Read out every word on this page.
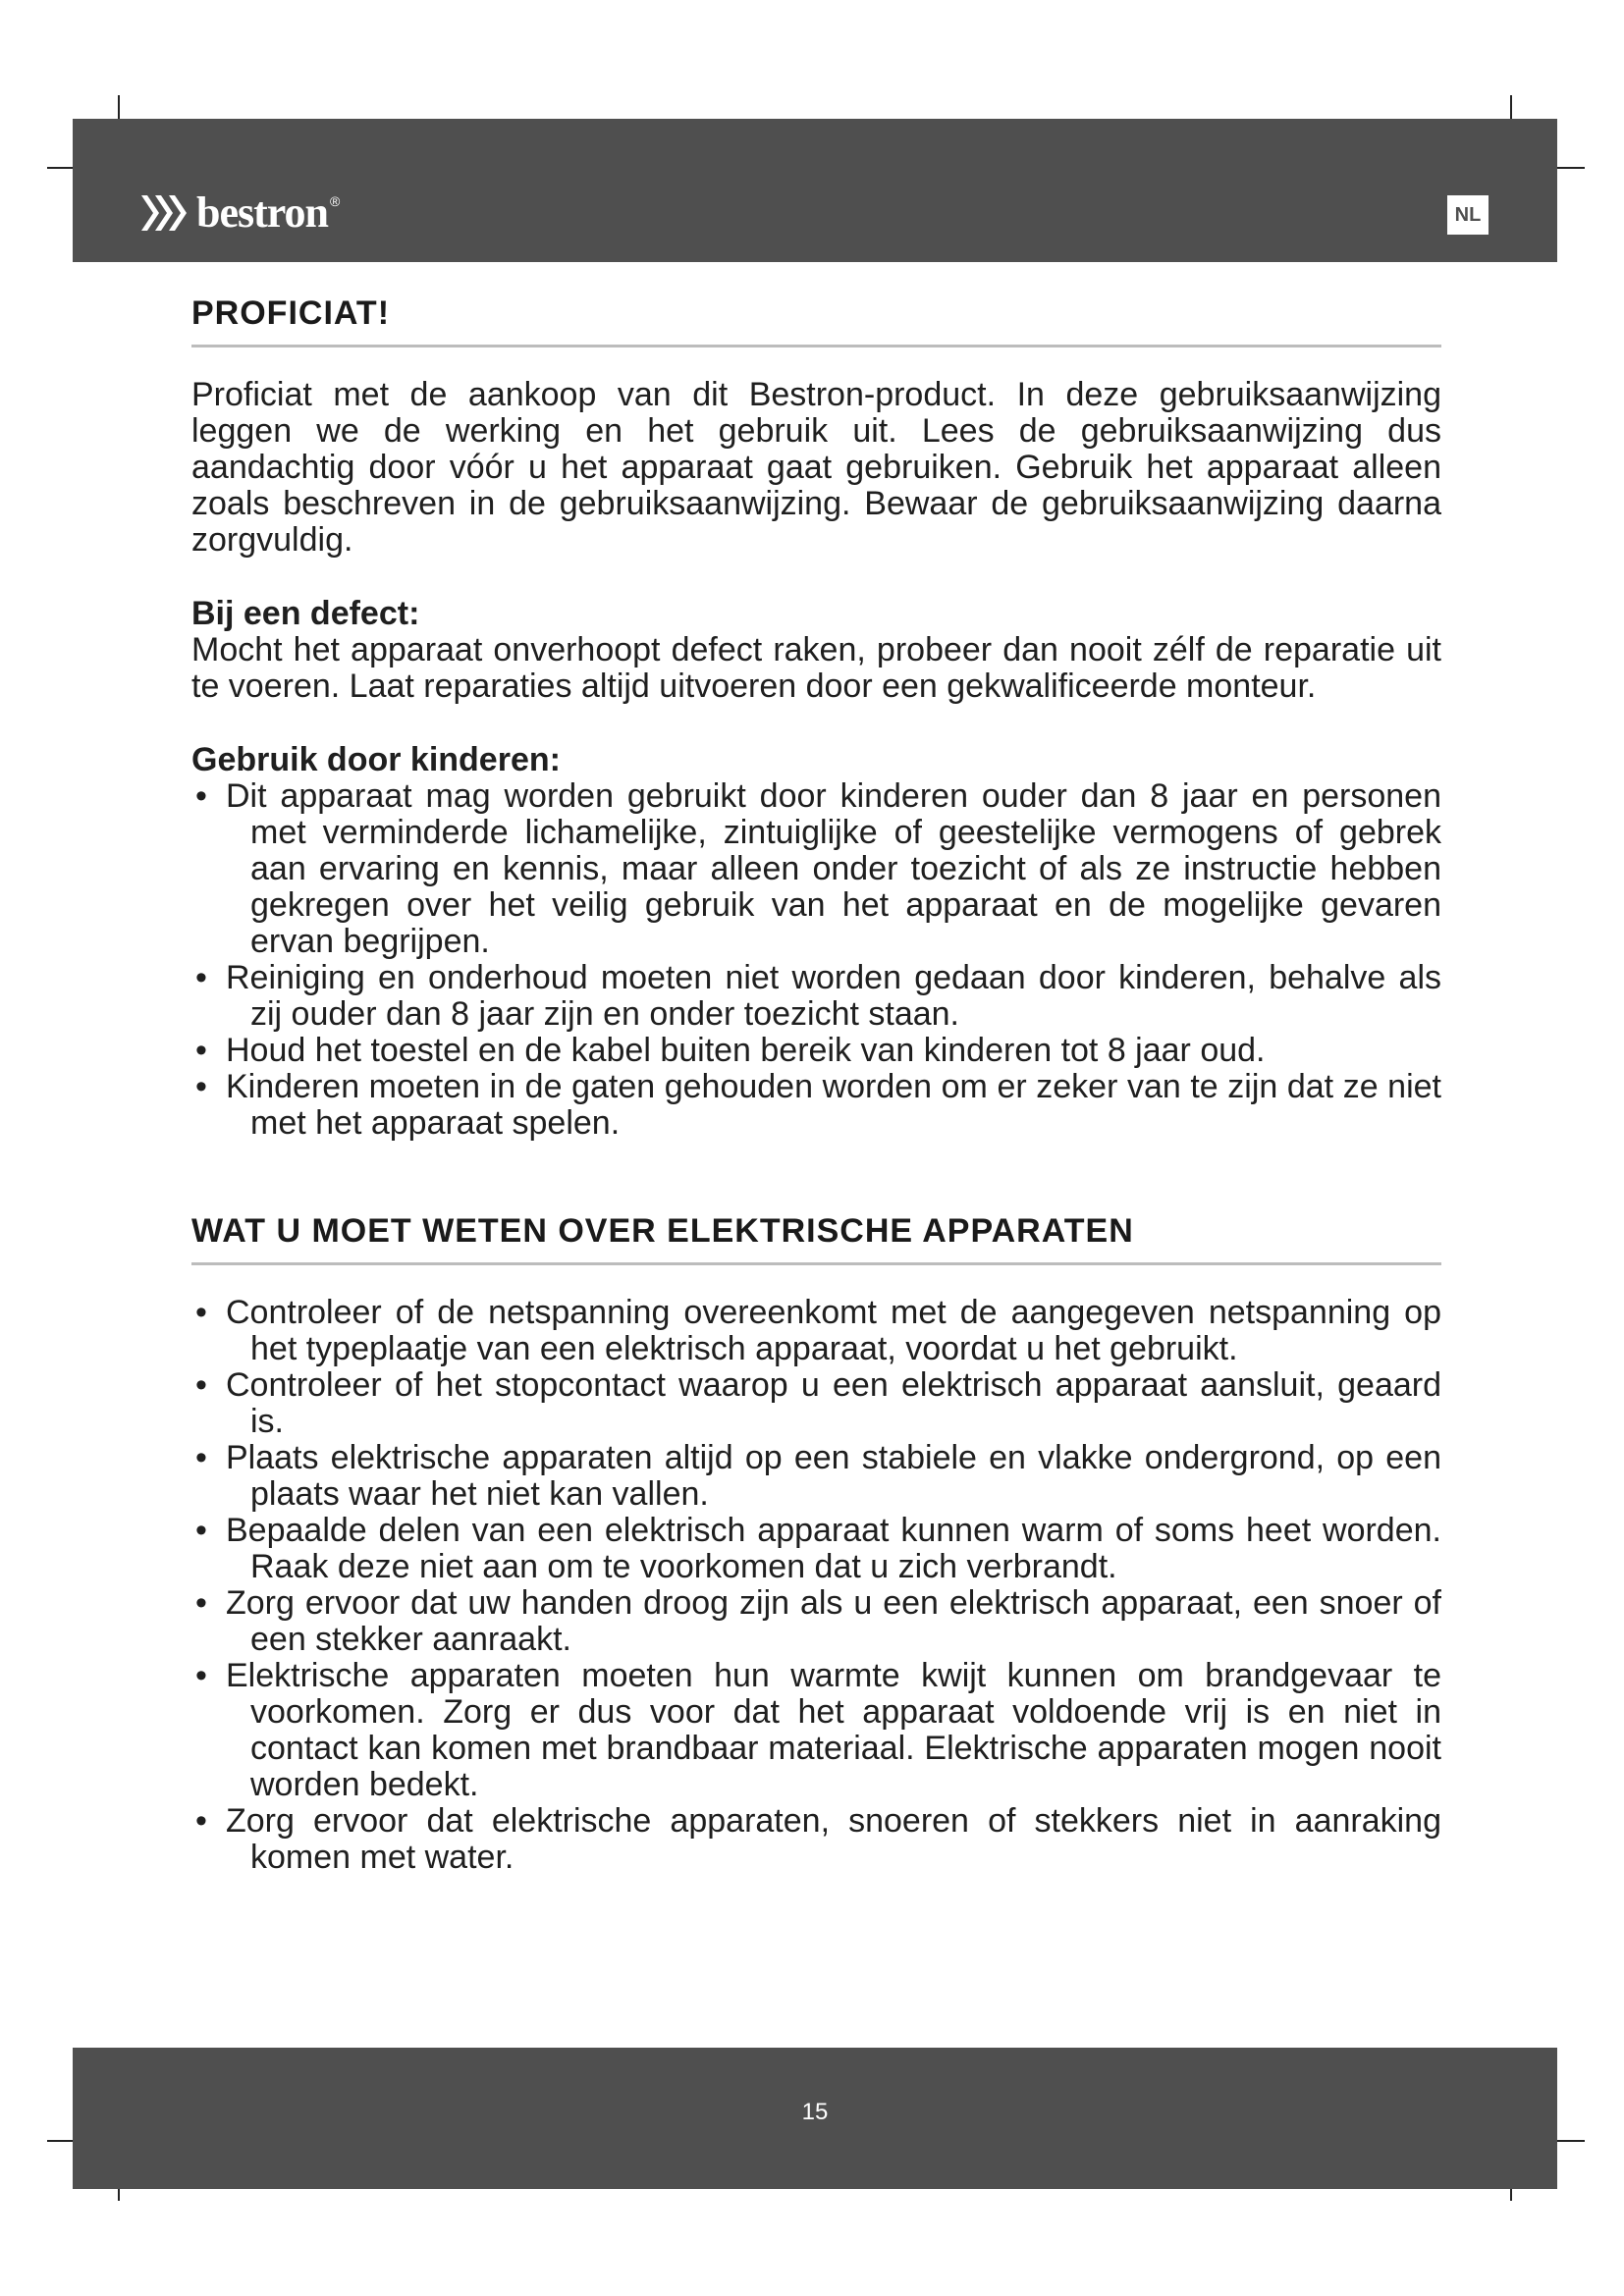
bestron ®
NL
PROFICIAT!

Proficiat met de aankoop van dit Bestron-product. In deze gebruiksaanwijzing leggen we de werking en het gebruik uit. Lees de gebruiksaanwijzing dus aandachtig door vóór u het apparaat gaat gebruiken. Gebruik het apparaat alleen zoals beschreven in de gebruiksaanwijzing. Bewaar de gebruiksaanwijzing daarna zorgvuldig.

Bij een defect:

Mocht het apparaat onverhoopt defect raken, probeer dan nooit zélf de reparatie uit te voeren. Laat reparaties altijd uitvoeren door een gekwalificeerde monteur.

Gebruik door kinderen:
• Dit apparaat mag worden gebruikt door kinderen ouder dan 8 jaar en personen met verminderde lichamelijke, zintuiglijke of geestelijke vermogens of gebrek aan ervaring en kennis, maar alleen onder toezicht of als ze instructie hebben gekregen over het veilig gebruik van het apparaat en de mogelijke gevaren ervan begrijpen.
• Reiniging en onderhoud moeten niet worden gedaan door kinderen, behalve als zij ouder dan 8 jaar zijn en onder toezicht staan.
• Houd het toestel en de kabel buiten bereik van kinderen tot 8 jaar oud.
• Kinderen moeten in de gaten gehouden worden om er zeker van te zijn dat ze niet met het apparaat spelen.
WAT U MOET WETEN OVER ELEKTRISCHE APPARATEN
• Controleer of de netspanning overeenkomt met de aangegeven netspanning op het typeplaatje van een elektrisch apparaat, voordat u het gebruikt.
• Controleer of het stopcontact waarop u een elektrisch apparaat aansluit, geaard is.
• Plaats elektrische apparaten altijd op een stabiele en vlakke ondergrond, op een plaats waar het niet kan vallen.
• Bepaalde delen van een elektrisch apparaat kunnen warm of soms heet worden. Raak deze niet aan om te voorkomen dat u zich verbrandt.
• Zorg ervoor dat uw handen droog zijn als u een elektrisch apparaat, een snoer of een stekker aanraakt.
• Elektrische apparaten moeten hun warmte kwijt kunnen om brandgevaar te voorkomen. Zorg er dus voor dat het apparaat voldoende vrij is en niet in contact kan komen met brandbaar materiaal. Elektrische apparaten mogen nooit worden bedekt.
• Zorg ervoor dat elektrische apparaten, snoeren of stekkers niet in aanraking komen met water.
15
